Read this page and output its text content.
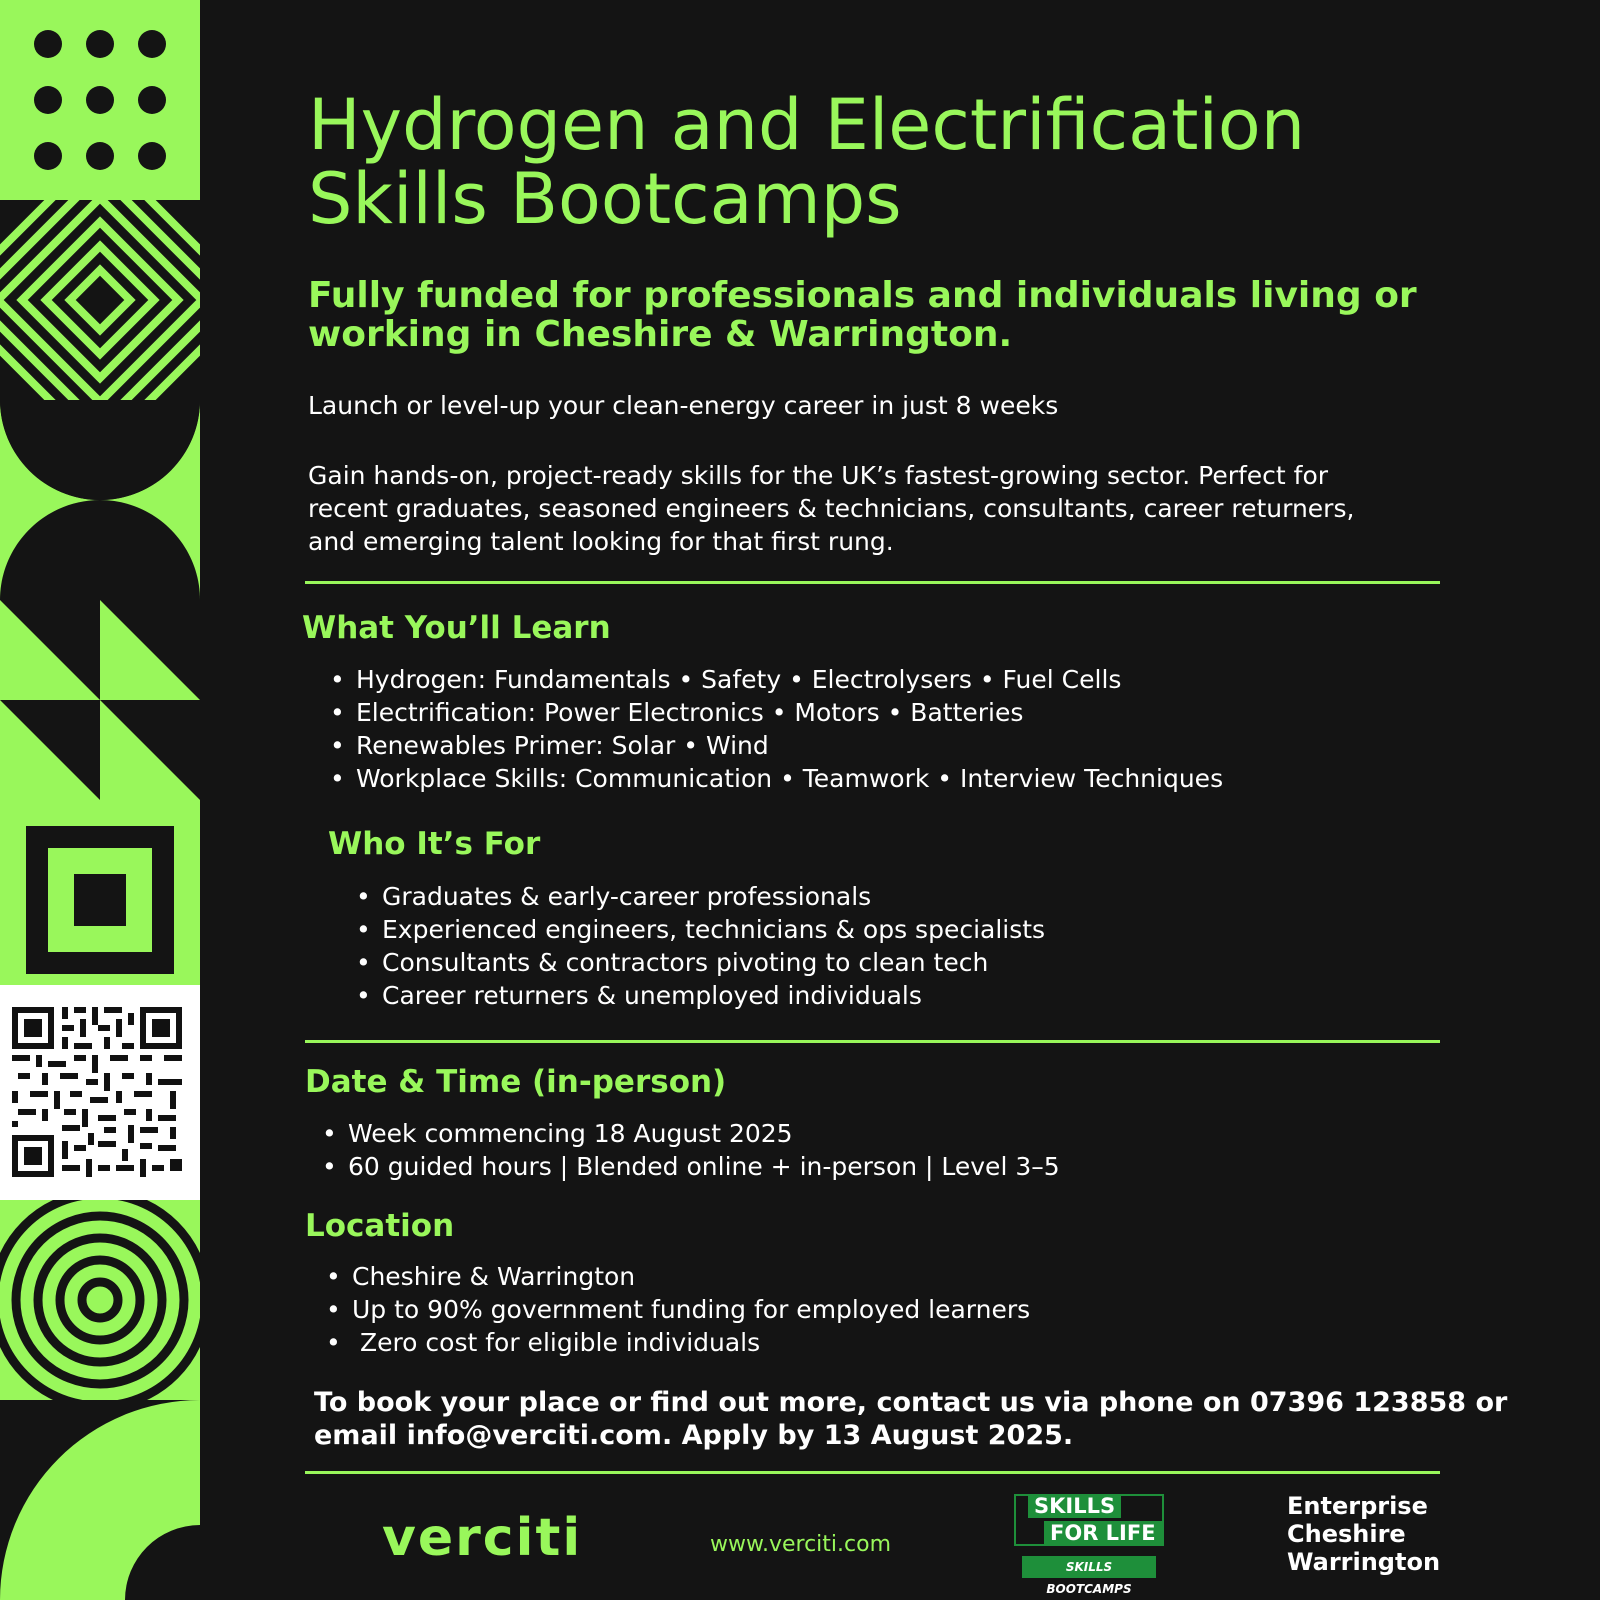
Hydrogen and Electrification
Skills Bootcamps

Fully funded for professionals and individuals living or
working in Cheshire & Warrington.

Launch or level-up your clean-energy career in just 8 weeks

Gain hands-on, project-ready skills for the UK’s fastest-growing sector. Perfect for
recent graduates, seasoned engineers & technicians, consultants, career returners,
and emerging talent looking for that first rung.

What You’ll Learn
• Hydrogen: Fundamentals • Safety • Electrolysers • Fuel Cells
• Electrification: Power Electronics • Motors • Batteries
• Renewables Primer: Solar • Wind
• Workplace Skills: Communication • Teamwork • Interview Techniques
Who It’s For
• Graduates & early-career professionals
• Experienced engineers, technicians & ops specialists
• Consultants & contractors pivoting to clean tech
• Career returners & unemployed individuals
Date & Time (in-person)
• Week commencing 18 August 2025
• 60 guided hours | Blended online + in-person | Level 3–5
Location
• Cheshire & Warrington
• Up to 90% government funding for employed learners
•  Zero cost for eligible individuals

To book your place or find out more, contact us via phone on 07396 123858 or
email info@verciti.com. Apply by 13 August 2025.

verciti	www.verciti.com
SKILLS
FOR LIFE
SKILLS BOOTCAMPS
Enterprise
Cheshire
Warrington
